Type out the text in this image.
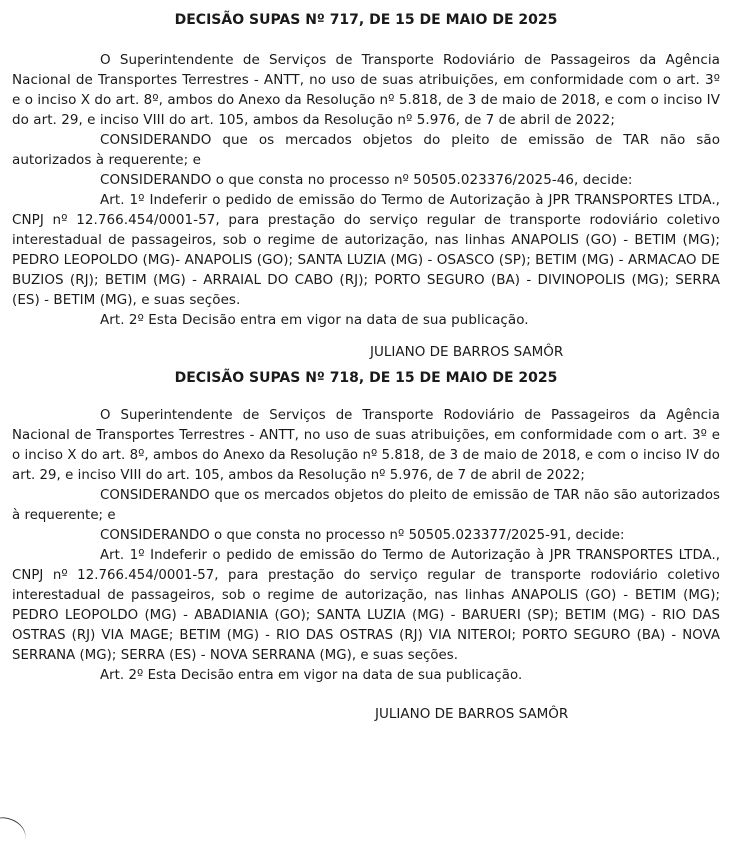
DECISÃO SUPAS Nº 717, DE 15 DE MAIO DE 2025

O Superintendente de Serviços de Transporte Rodoviário de Passageiros da Agência Nacional de Transportes Terrestres - ANTT, no uso de suas atribuições, em conformidade com o art. 3º e o inciso X do art. 8º, ambos do Anexo da Resolução nº 5.818, de 3 de maio de 2018, e com o inciso IV do art. 29, e inciso VIII do art. 105, ambos da Resolução nº 5.976, de 7 de abril de 2022;

CONSIDERANDO que os mercados objetos do pleito de emissão de TAR não são autorizados à requerente; e

CONSIDERANDO o que consta no processo nº 50505.023376/2025-46, decide:

Art. 1º Indeferir o pedido de emissão do Termo de Autorização à JPR TRANSPORTES LTDA., CNPJ nº 12.766.454/0001-57, para prestação do serviço regular de transporte rodoviário coletivo interestadual de passageiros, sob o regime de autorização, nas linhas ANAPOLIS (GO) - BETIM (MG); PEDRO LEOPOLDO (MG)- ANAPOLIS (GO); SANTA LUZIA (MG) - OSASCO (SP); BETIM (MG) - ARMACAO DE BUZIOS (RJ); BETIM (MG) - ARRAIAL DO CABO (RJ); PORTO SEGURO (BA) - DIVINOPOLIS (MG); SERRA (ES) - BETIM (MG), e suas seções.

Art. 2º Esta Decisão entra em vigor na data de sua publicação.

JULIANO DE BARROS SAMÔR

DECISÃO SUPAS Nº 718, DE 15 DE MAIO DE 2025

O Superintendente de Serviços de Transporte Rodoviário de Passageiros da Agência Nacional de Transportes Terrestres - ANTT, no uso de suas atribuições, em conformidade com o art. 3º e o inciso X do art. 8º, ambos do Anexo da Resolução nº 5.818, de 3 de maio de 2018, e com o inciso IV do art. 29, e inciso VIII do art. 105, ambos da Resolução nº 5.976, de 7 de abril de 2022;

CONSIDERANDO que os mercados objetos do pleito de emissão de TAR não são autorizados à requerente; e

CONSIDERANDO o que consta no processo nº 50505.023377/2025-91, decide:

Art. 1º Indeferir o pedido de emissão do Termo de Autorização à JPR TRANSPORTES LTDA., CNPJ nº 12.766.454/0001-57, para prestação do serviço regular de transporte rodoviário coletivo interestadual de passageiros, sob o regime de autorização, nas linhas ANAPOLIS (GO) - BETIM (MG); PEDRO LEOPOLDO (MG) - ABADIANIA (GO); SANTA LUZIA (MG) - BARUERI (SP); BETIM (MG) - RIO DAS OSTRAS (RJ) VIA MAGE; BETIM (MG) - RIO DAS OSTRAS (RJ) VIA NITEROI; PORTO SEGURO (BA) - NOVA SERRANA (MG); SERRA (ES) - NOVA SERRANA (MG), e suas seções.

Art. 2º Esta Decisão entra em vigor na data de sua publicação.

JULIANO DE BARROS SAMÔR
